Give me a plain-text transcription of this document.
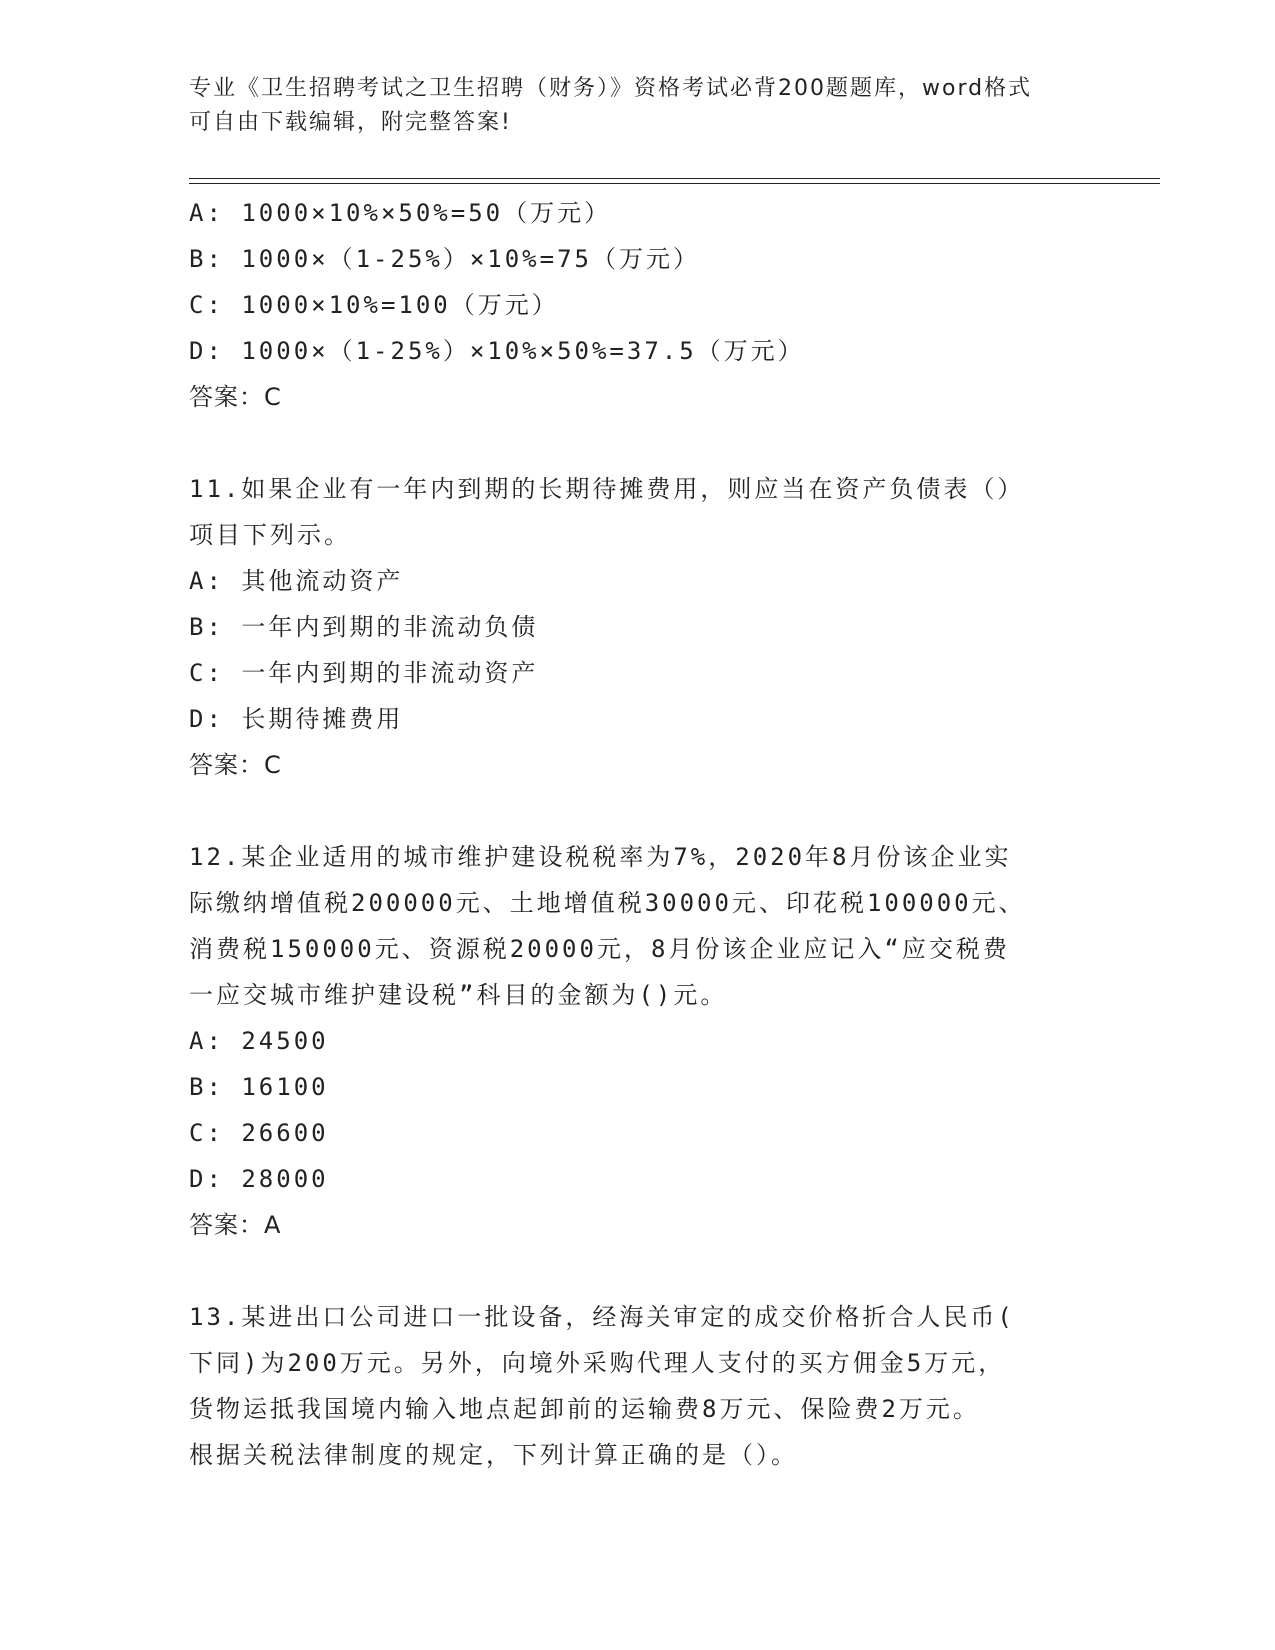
专业《卫生招聘考试之卫生招聘（财务）》资格考试必背200题题库，word格式
可自由下载编辑，附完整答案!
A: 1000×10%×50%=50（万元）
B: 1000×（1-25%）×10%=75（万元）
C: 1000×10%=100（万元）
D: 1000×（1-25%）×10%×50%=37.5（万元）
答案：C
11.如果企业有一年内到期的长期待摊费用，则应当在资产负债表（）
项目下列示。
A: 其他流动资产
B: 一年内到期的非流动负债
C: 一年内到期的非流动资产
D: 长期待摊费用
答案：C
12.某企业适用的城市维护建设税税率为7%，2020年8月份该企业实
际缴纳增值税200000元、土地增值税30000元、印花税100000元、
消费税150000元、资源税20000元，8月份该企业应记入“应交税费
一应交城市维护建设税”科目的金额为()元。
A: 24500
B: 16100
C: 26600
D: 28000
答案：A
13.某进出口公司进口一批设备，经海关审定的成交价格折合人民币(
下同)为200万元。另外，向境外采购代理人支付的买方佣金5万元，
货物运抵我国境内输入地点起卸前的运输费8万元、保险费2万元。
根据关税法律制度的规定，下列计算正确的是（）。
